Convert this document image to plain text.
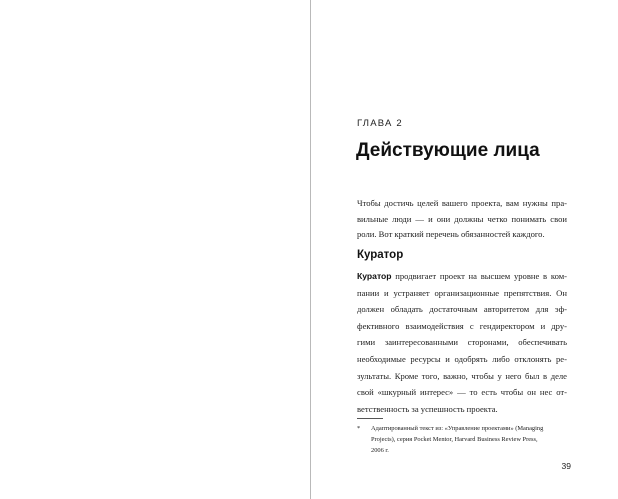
ГЛАВА 2
Действующие лица
Чтобы достичь целей вашего проекта, вам нужны пра-
вильные люди — и они должны четко понимать свои
роли. Вот краткий перечень обязанностей каждого.
Куратор
Куратор продвигает проект на высшем уровне в ком-
пании и устраняет организационные препятствия. Он
должен обладать достаточным авторитетом для эф-
фективного взаимодействия с гендиректором и дру-
гими заинтересованными сторонами, обеспечивать
необходимые ресурсы и одобрять либо отклонять ре-
зультаты. Кроме того, важно, чтобы у него был в деле
свой «шкурный интерес» — то есть чтобы он нес от-
ветственность за успешность проекта.
* Адаптированный текст из: «Управление проектами» (Managing
Projects), серия Pocket Mentor, Harvard Business Review Press,
2006 г.
39
